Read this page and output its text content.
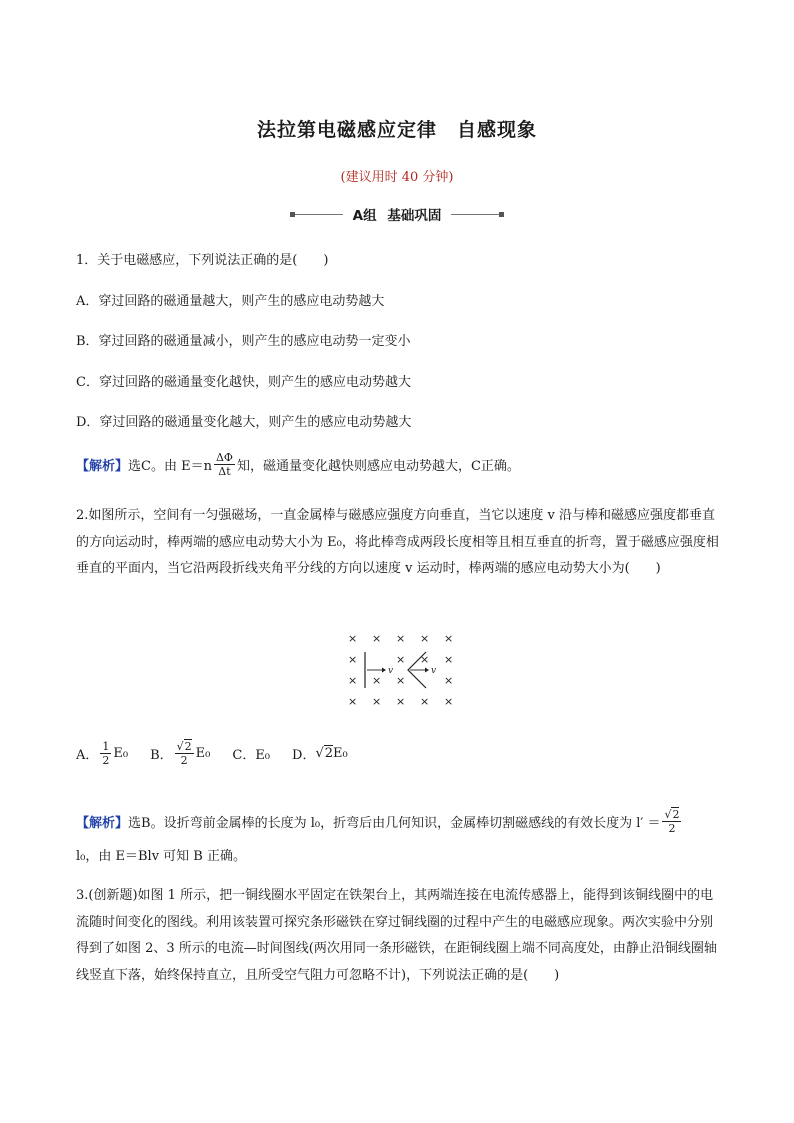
法拉第电磁感应定律　自感现象
(建议用时 40 分钟)
A组 基础巩固
1．关于电磁感应，下列说法正确的是(　　)
A．穿过回路的磁通量越大，则产生的感应电动势越大
B．穿过回路的磁通量减小，则产生的感应电动势一定变小
C．穿过回路的磁通量变化越快，则产生的感应电动势越大
D．穿过回路的磁通量变化越大，则产生的感应电动势越大
【解析】 选C。由 $E=n \frac{\Delta\Phi}{\Delta t}$ 知，磁通量变化越快则感应电动势越大，C正确。
2.如图所示，空间有一匀强磁场，一直金属棒与磁感应强度方向垂直，当它以速度 v 沿与棒和磁感应强度都垂直的方向运动时，棒两端的感应电动势大小为 E₀，将此棒弯成两段长度相等且相互垂直的折弯，置于磁感应强度相垂直的平面内，当它沿两段折线夹角平分线的方向以速度 v 运动时，棒两端的感应电动势大小为(　　)
× × × × ×
×	× × ×
× × ×	×
× × × × ×
v	v
A． $\frac{1}{2} E_0$ B． $\frac{√2}{2} E_0$ C．E₀ D． √2 E₀
【解析】 选B。设折弯前金属棒的长度为 l₀，折弯后由几何知识，金属棒切割磁感线的有效长度为 $l' = \frac{√2}{2}$
l₀，由 E＝Blv 可知 B 正确。
3.(创新题)如图 1 所示，把一铜线圈水平固定在铁架台上，其两端连接在电流传感器上，能得到该铜线圈中的电流随时间变化的图线。利用该装置可探究条形磁铁在穿过铜线圈的过程中产生的电磁感应现象。两次实验中分别得到了如图 2、3 所示的电流—时间图线(两次用同一条形磁铁，在距铜线圈上端不同高度处，由静止沿铜线圈轴线竖直下落，始终保持直立，且所受空气阻力可忽略不计)，下列说法正确的是(　　)
